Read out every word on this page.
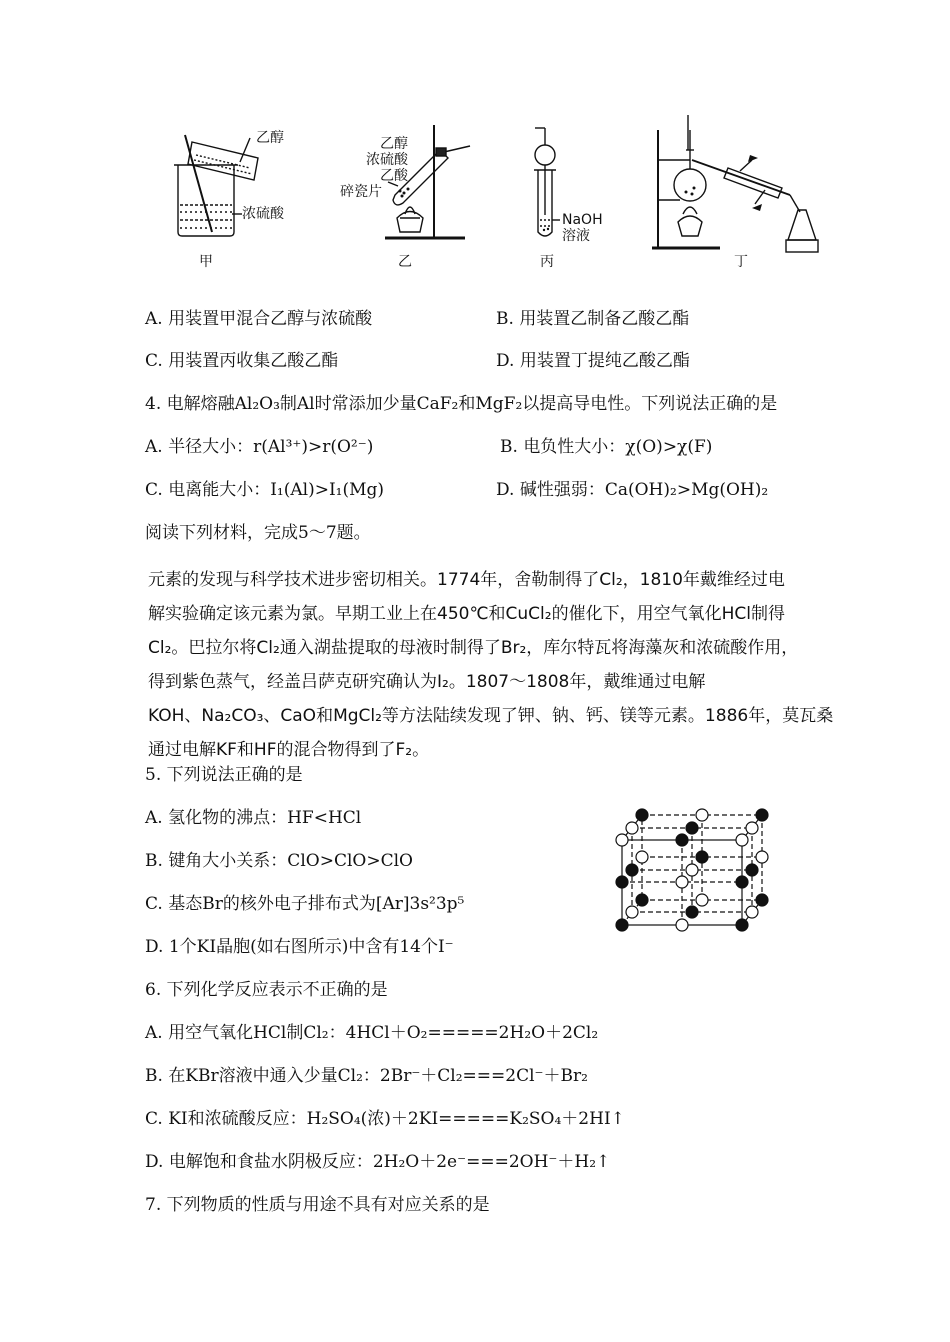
乙醇
浓硫酸
乙醇
浓硫酸
乙酸
碎瓷片
NaOH
溶液
甲	乙	丙	丁
A. 用装置甲混合乙醇与浓硫酸	B. 用装置乙制备乙酸乙酯
C. 用装置丙收集乙酸乙酯	D. 用装置丁提纯乙酸乙酯
4. 电解熔融Al₂O₃制Al时常添加少量CaF₂和MgF₂以提高导电性。下列说法正确的是
A. 半径大小：r(Al³⁺)>r(O²⁻)	B. 电负性大小：χ(O)>χ(F)
C. 电离能大小：I₁(Al)>I₁(Mg)	D. 碱性强弱：Ca(OH)₂>Mg(OH)₂
阅读下列材料，完成5～7题。

元素的发现与科学技术进步密切相关。1774年，舍勒制得了Cl₂，1810年戴维经过电

解实验确定该元素为氯。早期工业上在450℃和CuCl₂的催化下，用空气氧化HCl制得

Cl₂。巴拉尔将Cl₂通入湖盐提取的母液时制得了Br₂，库尔特瓦将海藻灰和浓硫酸作用，

得到紫色蒸气，经盖吕萨克研究确认为I₂。1807～1808年，戴维通过电解

KOH、Na₂CO₃、CaO和MgCl₂等方法陆续发现了钾、钠、钙、镁等元素。1886年，莫瓦桑

通过电解KF和HF的混合物得到了F₂。

5. 下列说法正确的是
A. 氢化物的沸点：HF<HCl
B. 键角大小关系：ClO>ClO>ClO
C. 基态Br的核外电子排布式为[Ar]3s²3p⁵
D. 1个KI晶胞(如右图所示)中含有14个I⁻
6. 下列化学反应表示不正确的是
A. 用空气氧化HCl制Cl₂：4HCl＋O₂=====2H₂O＋2Cl₂
B. 在KBr溶液中通入少量Cl₂：2Br⁻＋Cl₂===2Cl⁻＋Br₂
C. KI和浓硫酸反应：H₂SO₄(浓)＋2KI=====K₂SO₄＋2HI↑
D. 电解饱和食盐水阴极反应：2H₂O＋2e⁻===2OH⁻＋H₂↑
7. 下列物质的性质与用途不具有对应关系的是
